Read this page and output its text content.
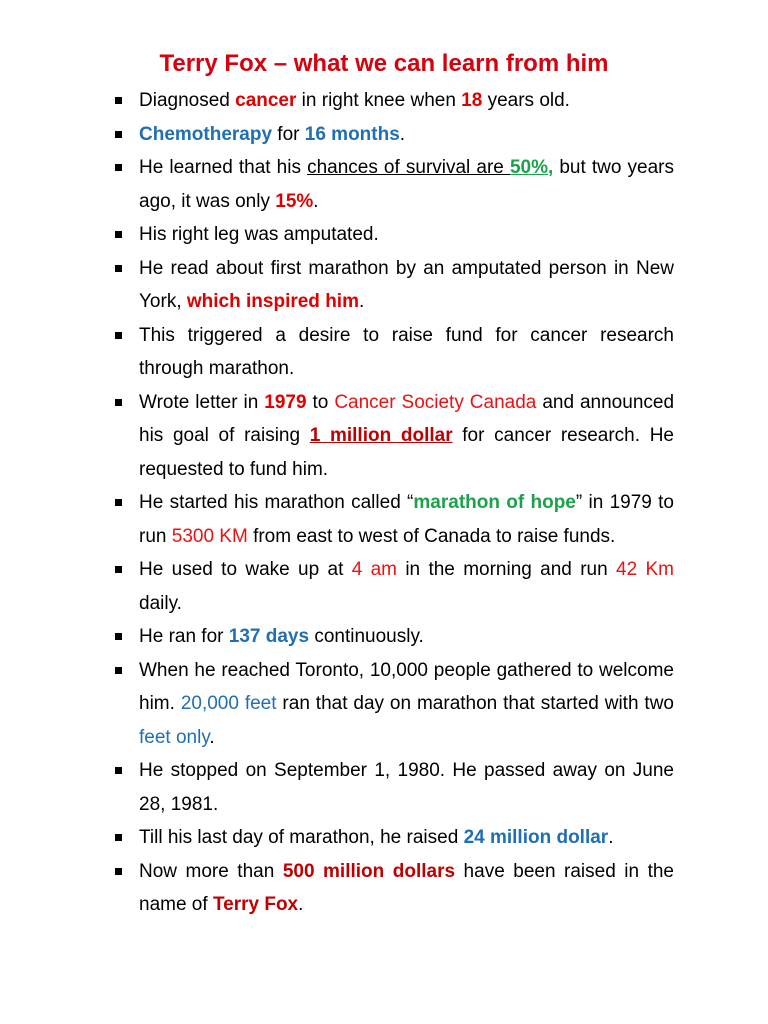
Terry Fox – what we can learn from him
Diagnosed cancer in right knee when 18 years old.
Chemotherapy for 16 months.
He learned that his chances of survival are 50%, but two years ago, it was only 15%.
His right leg was amputated.
He read about first marathon by an amputated person in New York, which inspired him.
This triggered a desire to raise fund for cancer research through marathon.
Wrote letter in 1979 to Cancer Society Canada and announced his goal of raising 1 million dollar for cancer research. He requested to fund him.
He started his marathon called “marathon of hope” in 1979 to run 5300 KM from east to west of Canada to raise funds.
He used to wake up at 4 am in the morning and run 42 Km daily.
He ran for 137 days continuously.
When he reached Toronto, 10,000 people gathered to welcome him. 20,000 feet ran that day on marathon that started with two feet only.
He stopped on September 1, 1980. He passed away on June 28, 1981.
Till his last day of marathon, he raised 24 million dollar.
Now more than 500 million dollars have been raised in the name of Terry Fox.
